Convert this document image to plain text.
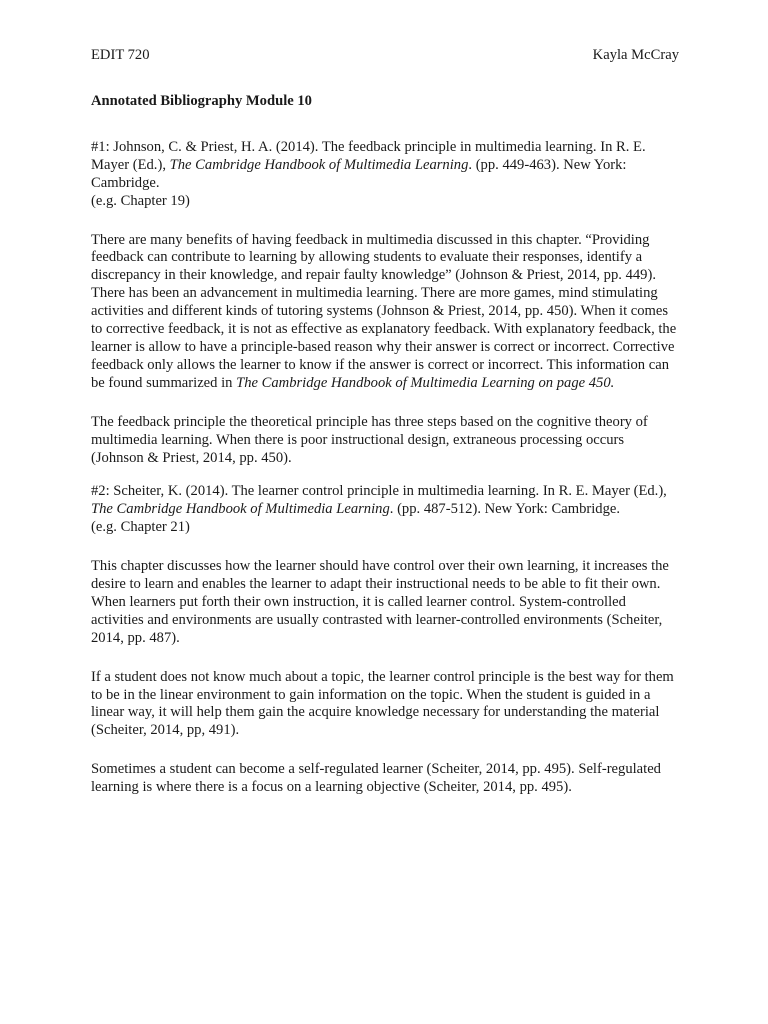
EDIT 720	Kayla McCray
Annotated Bibliography Module 10

#1: Johnson, C. & Priest, H. A. (2014). The feedback principle in multimedia learning. In R. E. Mayer (Ed.), The Cambridge Handbook of Multimedia Learning. (pp. 449-463). New York: Cambridge.
(e.g. Chapter 19)

There are many benefits of having feedback in multimedia discussed in this chapter. “Providing feedback can contribute to learning by allowing students to evaluate their responses, identify a discrepancy in their knowledge, and repair faulty knowledge” (Johnson & Priest, 2014, pp. 449). There has been an advancement in multimedia learning. There are more games, mind stimulating activities and different kinds of tutoring systems (Johnson & Priest, 2014, pp. 450). When it comes to corrective feedback, it is not as effective as explanatory feedback. With explanatory feedback, the learner is allow to have a principle-based reason why their answer is correct or incorrect. Corrective feedback only allows the learner to know if the answer is correct or incorrect. This information can be found summarized in The Cambridge Handbook of Multimedia Learning on page 450.

The feedback principle the theoretical principle has three steps based on the cognitive theory of multimedia learning. When there is poor instructional design, extraneous processing occurs (Johnson & Priest, 2014, pp. 450).

#2: Scheiter, K. (2014). The learner control principle in multimedia learning. In R. E. Mayer (Ed.), The Cambridge Handbook of Multimedia Learning. (pp. 487-512). New York: Cambridge.
(e.g. Chapter 21)

This chapter discusses how the learner should have control over their own learning, it increases the desire to learn and enables the learner to adapt their instructional needs to be able to fit their own. When learners put forth their own instruction, it is called learner control. System-controlled activities and environments are usually contrasted with learner-controlled environments (Scheiter, 2014, pp. 487).

If a student does not know much about a topic, the learner control principle is the best way for them to be in the linear environment to gain information on the topic. When the student is guided in a linear way, it will help them gain the acquire knowledge necessary for understanding the material (Scheiter, 2014, pp, 491).

Sometimes a student can become a self-regulated learner (Scheiter, 2014, pp. 495). Self-regulated learning is where there is a focus on a learning objective (Scheiter, 2014, pp. 495).
